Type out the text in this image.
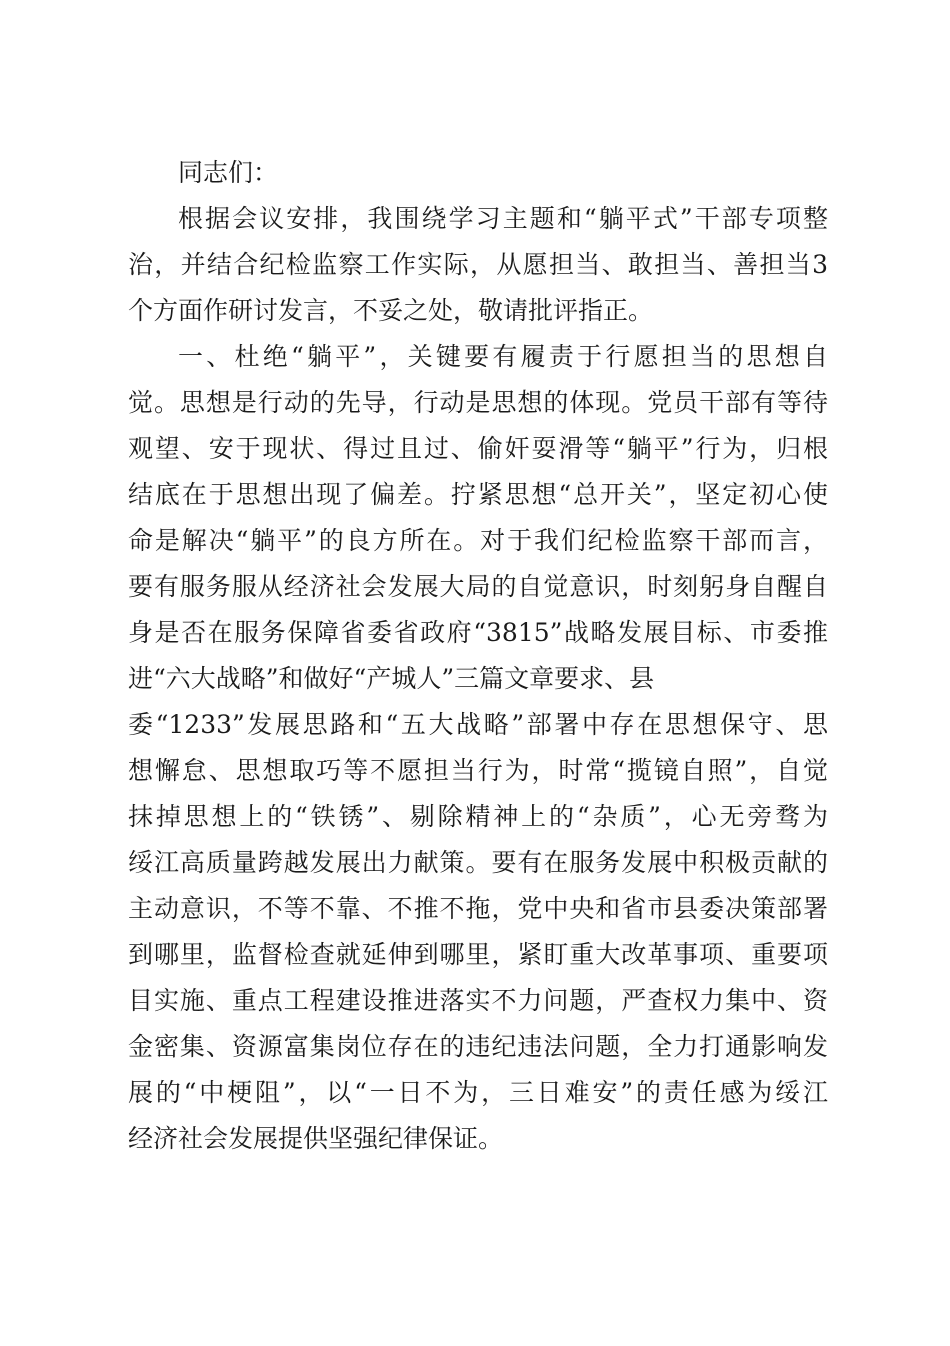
同志们：
根据会议安排，我围绕学习主题和“躺平式”干部专项整
治，并结合纪检监察工作实际，从愿担当、敢担当、善担当3
个方面作研讨发言，不妥之处，敬请批评指正。
一、杜绝“躺平”，关键要有履责于行愿担当的思想自
觉。思想是行动的先导，行动是思想的体现。党员干部有等待
观望、安于现状、得过且过、偷奸耍滑等“躺平”行为，归根
结底在于思想出现了偏差。拧紧思想“总开关”，坚定初心使
命是解决“躺平”的良方所在。对于我们纪检监察干部而言，
要有服务服从经济社会发展大局的自觉意识，时刻躬身自醒自
身是否在服务保障省委省政府“3815”战略发展目标、市委推
进“六大战略”和做好“产城人”三篇文章要求、县
委“1233”发展思路和“五大战略”部署中存在思想保守、思
想懈怠、思想取巧等不愿担当行为，时常“揽镜自照”，自觉
抹掉思想上的“铁锈”、剔除精神上的“杂质”，心无旁骛为
绥江高质量跨越发展出力献策。要有在服务发展中积极贡献的
主动意识，不等不靠、不推不拖，党中央和省市县委决策部署
到哪里，监督检查就延伸到哪里，紧盯重大改革事项、重要项
目实施、重点工程建设推进落实不力问题，严查权力集中、资
金密集、资源富集岗位存在的违纪违法问题，全力打通影响发
展的“中梗阻”，以“一日不为，三日难安”的责任感为绥江
经济社会发展提供坚强纪律保证。
